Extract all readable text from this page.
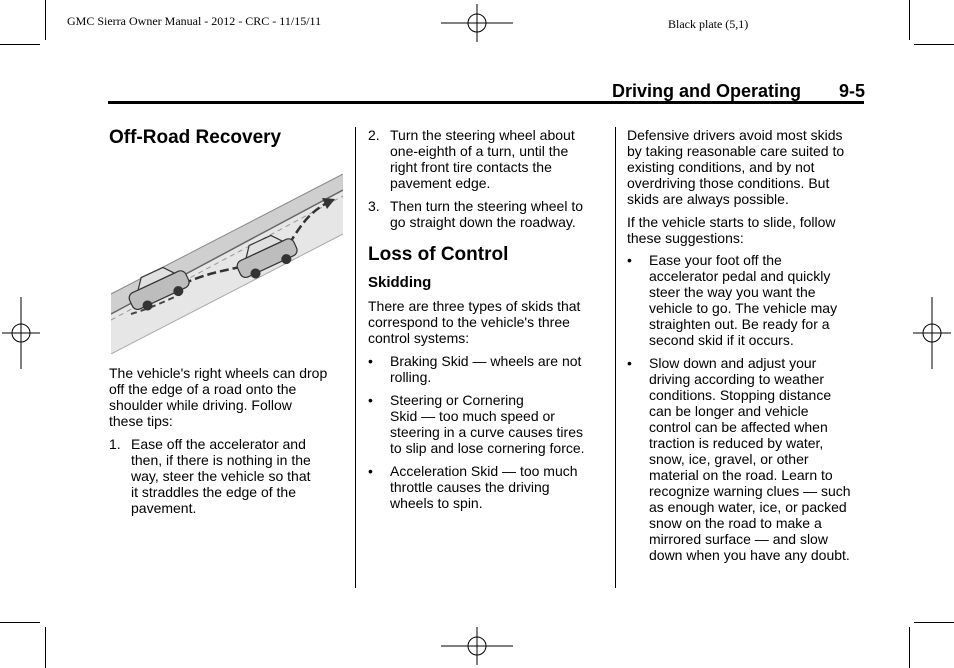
GMC Sierra Owner Manual - 2012 - CRC - 11/15/11	Black plate (5,1)
Driving and Operating 9-5
Off-Road Recovery
The vehicle's right wheels can drop
off the edge of a road onto the
shoulder while driving. Follow
these tips:
1. Ease off the accelerator and
then, if there is nothing in the
way, steer the vehicle so that
it straddles the edge of the
pavement.
2. Turn the steering wheel about
one-eighth of a turn, until the
right front tire contacts the
pavement edge.
3. Then turn the steering wheel to
go straight down the roadway.
Loss of Control
Skidding
There are three types of skids that
correspond to the vehicle's three
control systems:
• Braking Skid — wheels are not
rolling.
• Steering or Cornering
Skid — too much speed or
steering in a curve causes tires
to slip and lose cornering force.
• Acceleration Skid — too much
throttle causes the driving
wheels to spin.
Defensive drivers avoid most skids
by taking reasonable care suited to
existing conditions, and by not
overdriving those conditions. But
skids are always possible.
If the vehicle starts to slide, follow
these suggestions:
• Ease your foot off the
accelerator pedal and quickly
steer the way you want the
vehicle to go. The vehicle may
straighten out. Be ready for a
second skid if it occurs.
• Slow down and adjust your
driving according to weather
conditions. Stopping distance
can be longer and vehicle
control can be affected when
traction is reduced by water,
snow, ice, gravel, or other
material on the road. Learn to
recognize warning clues — such
as enough water, ice, or packed
snow on the road to make a
mirrored surface — and slow
down when you have any doubt.
